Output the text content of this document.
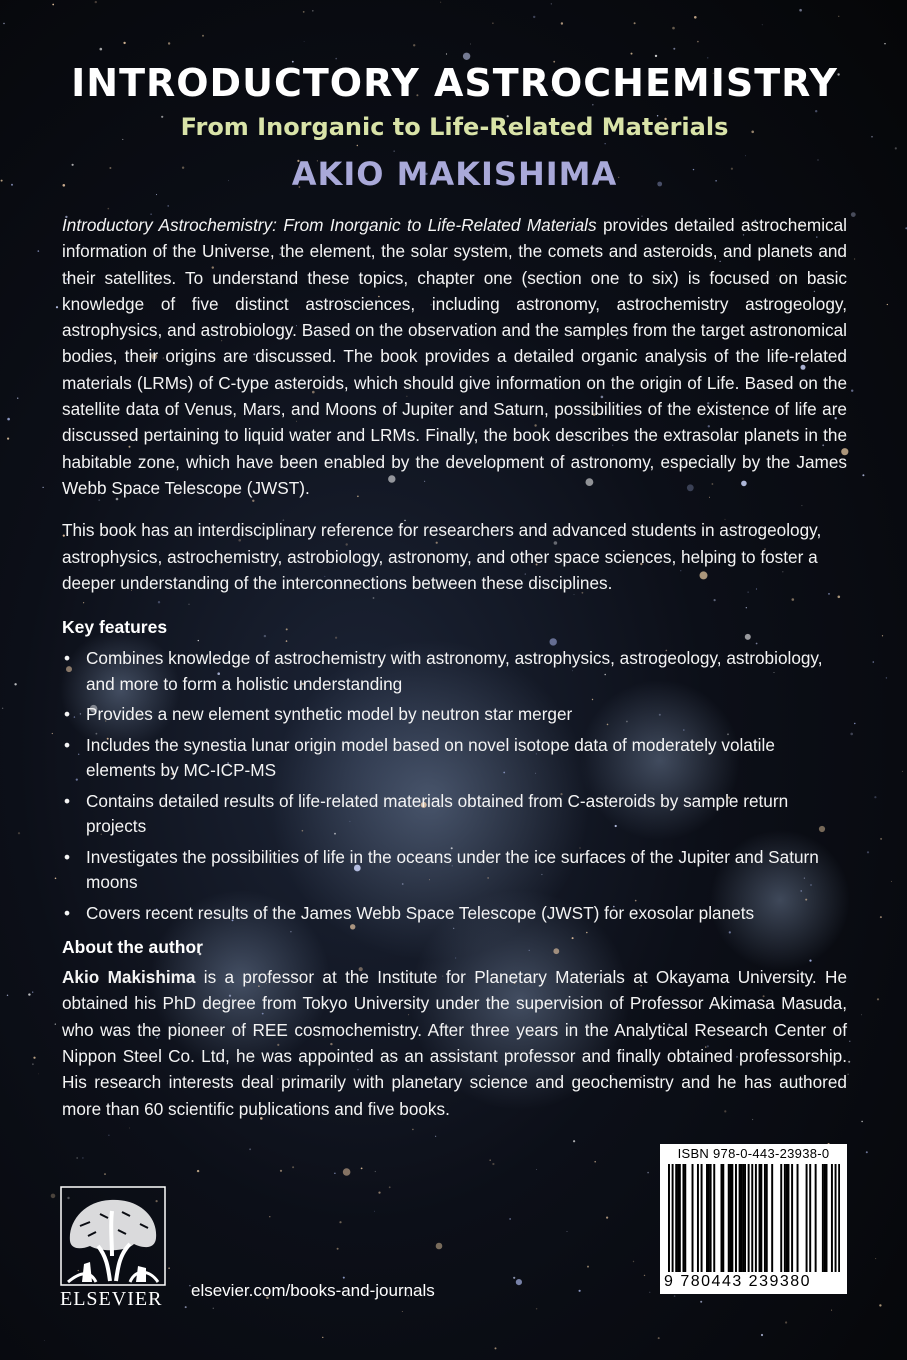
INTRODUCTORY ASTROCHEMISTRY
From Inorganic to Life-Related Materials
AKIO MAKISHIMA

Introductory Astrochemistry: From Inorganic to Life-Related Materials provides detailed astrochemical information of the Universe, the element, the solar system, the comets and asteroids, and planets and their satellites. To understand these topics, chapter one (section one to six) is focused on basic knowledge of five distinct astrosciences, including astronomy, astrochemistry astrogeology, astrophysics, and astrobiology. Based on the observation and the samples from the target astronomical bodies, their origins are discussed. The book provides a detailed organic analysis of the life-related materials (LRMs) of C-type asteroids, which should give information on the origin of Life. Based on the satellite data of Venus, Mars, and Moons of Jupiter and Saturn, possibilities of the existence of life are discussed pertaining to liquid water and LRMs. Finally, the book describes the extrasolar planets in the habitable zone, which have been enabled by the development of astronomy, especially by the James Webb Space Telescope (JWST).

This book has an interdisciplinary reference for researchers and advanced students in astrogeology, astrophysics, astrochemistry, astrobiology, astronomy, and other space sciences, helping to foster a deeper understanding of the interconnections between these disciplines.

Key features
• Combines knowledge of astrochemistry with astronomy, astrophysics, astrogeology, astrobiology, and more to form a holistic understanding
• Provides a new element synthetic model by neutron star merger
• Includes the synestia lunar origin model based on novel isotope data of moderately volatile elements by MC-ICP-MS
• Contains detailed results of life-related materials obtained from C-asteroids by sample return projects
• Investigates the possibilities of life in the oceans under the ice surfaces of the Jupiter and Saturn moons
• Covers recent results of the James Webb Space Telescope (JWST) for exosolar planets
About the author

Akio Makishima is a professor at the Institute for Planetary Materials at Okayama University. He obtained his PhD degree from Tokyo University under the supervision of Professor Akimasa Masuda, who was the pioneer of REE cosmochemistry. After three years in the Analytical Research Center of Nippon Steel Co. Ltd, he was appointed as an assistant professor and finally obtained professorship. His research interests deal primarily with planetary science and geochemistry and he has authored more than 60 scientific publications and five books.

ELSEVIER elsevier.com/books-and-journals
ISBN 978-0-443-23938-0
9 780443 239380
